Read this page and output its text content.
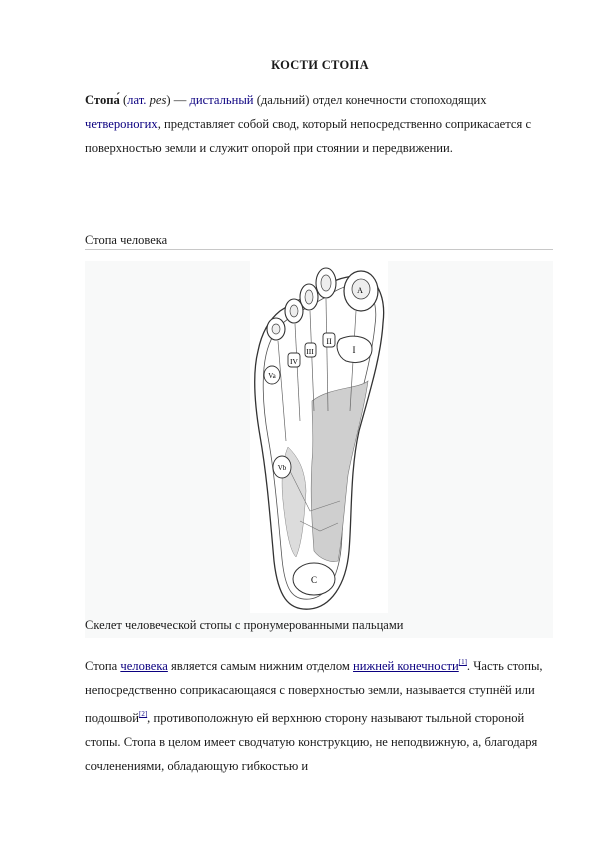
КОСТИ СТОПА
Стопа́ (лат. pes) — дистальный (дальний) отдел конечности стопоходящих четвероногих, представляет собой свод, который непосредственно соприкасается с поверхностью земли и служит опорой при стоянии и передвижении.
Стопа человека
A
I
II
III
IV
Va
Vb
C
Скелет человеческой стопы с пронумерованными пальцами
Стопа человека является самым нижним отделом нижней конечности[1]. Часть стопы, непосредственно соприкасающаяся с поверхностью земли, называется ступнёй или подошвой[2], противоположную ей верхнюю сторону называют тыльной стороной стопы. Стопа в целом имеет сводчатую конструкцию, не неподвижную, а, благодаря сочленениями, обладающую гибкостью и
